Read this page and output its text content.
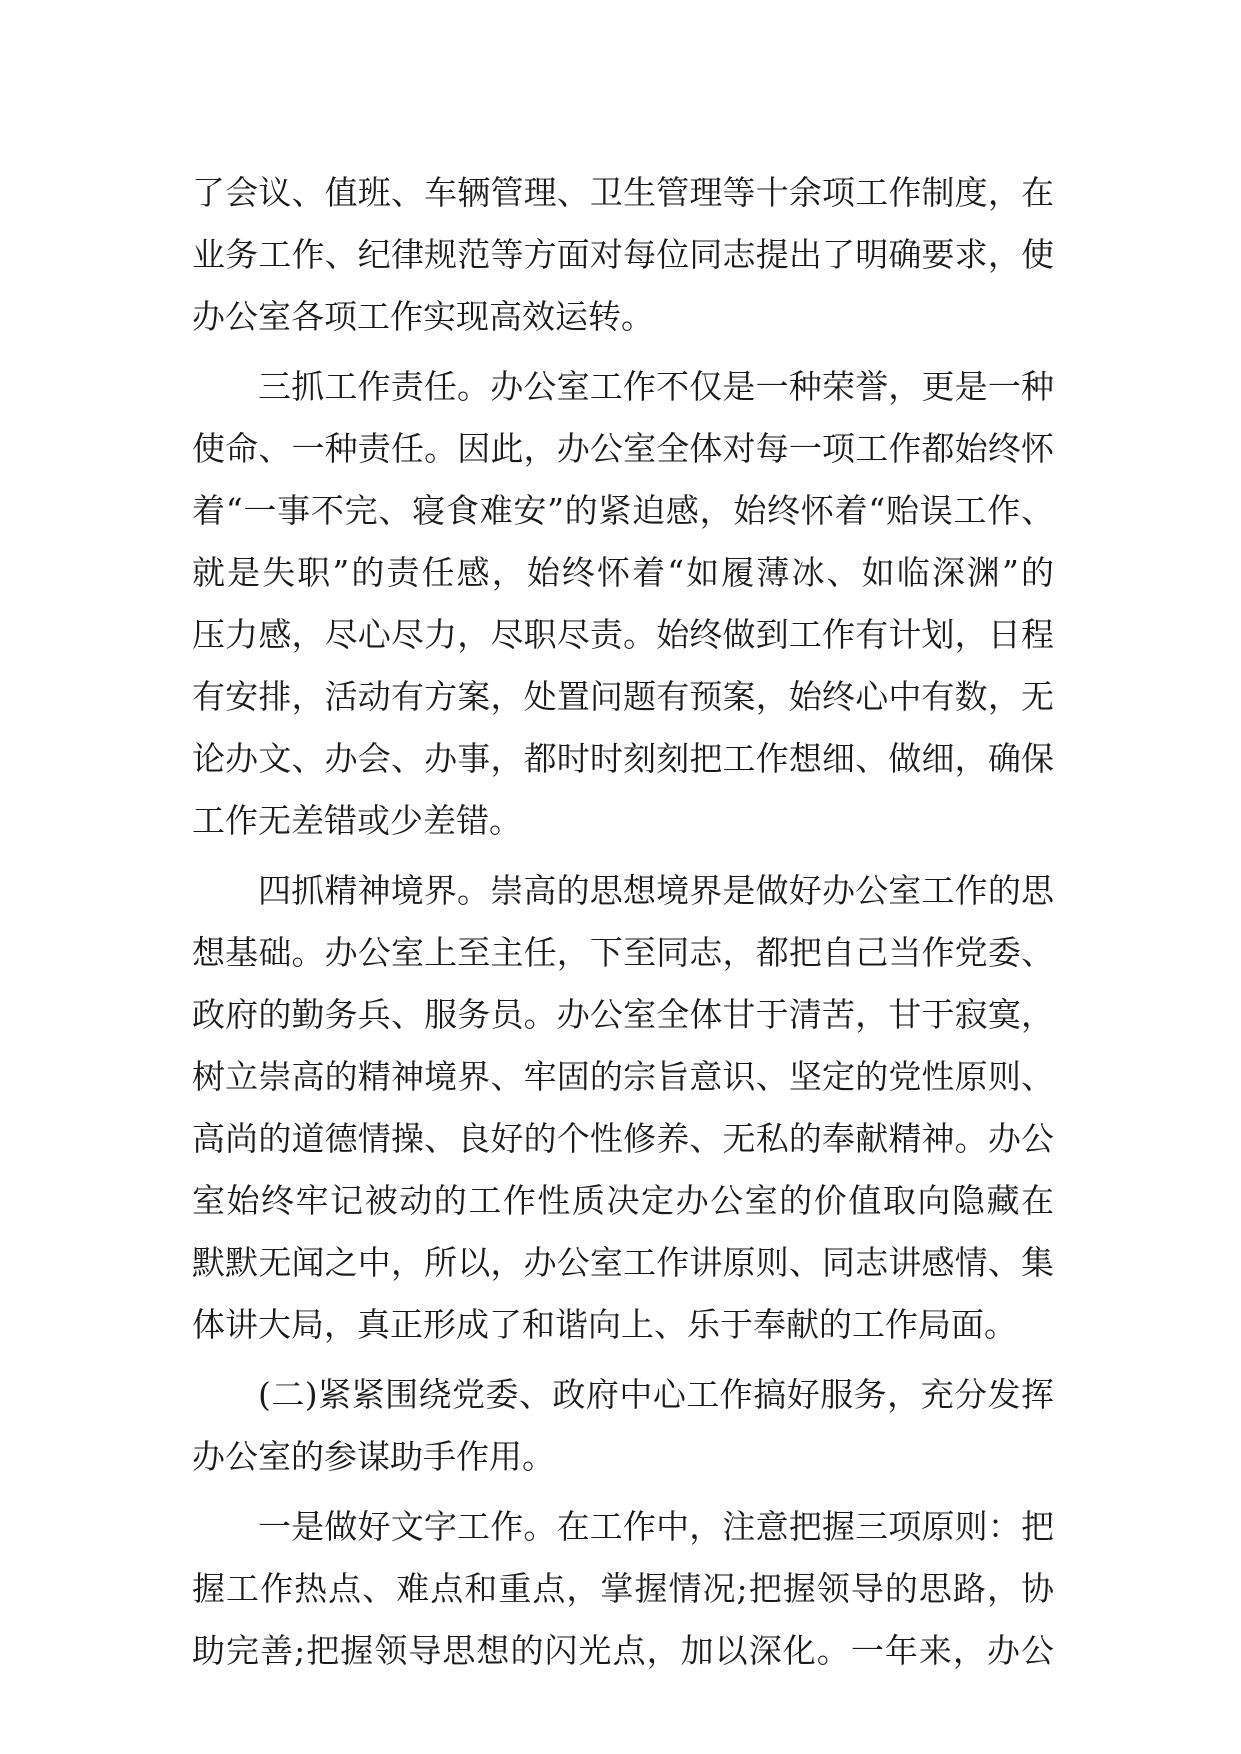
了会议、值班、车辆管理、卫生管理等十余项工作制度，在
业务工作、纪律规范等方面对每位同志提出了明确要求，使
办公室各项工作实现高效运转。
三抓工作责任。办公室工作不仅是一种荣誉，更是一种
使命、一种责任。因此，办公室全体对每一项工作都始终怀
着“一事不完、寝食难安”的紧迫感，始终怀着“贻误工作、
就是失职”的责任感，始终怀着“如履薄冰、如临深渊”的
压力感，尽心尽力，尽职尽责。始终做到工作有计划，日程
有安排，活动有方案，处置问题有预案，始终心中有数，无
论办文、办会、办事，都时时刻刻把工作想细、做细，确保
工作无差错或少差错。
四抓精神境界。崇高的思想境界是做好办公室工作的思
想基础。办公室上至主任，下至同志，都把自己当作党委、
政府的勤务兵、服务员。办公室全体甘于清苦，甘于寂寞，
树立崇高的精神境界、牢固的宗旨意识、坚定的党性原则、
高尚的道德情操、良好的个性修养、无私的奉献精神。办公
室始终牢记被动的工作性质决定办公室的价值取向隐藏在
默默无闻之中，所以，办公室工作讲原则、同志讲感情、集
体讲大局，真正形成了和谐向上、乐于奉献的工作局面。
(二)紧紧围绕党委、政府中心工作搞好服务，充分发挥
办公室的参谋助手作用。
一是做好文字工作。在工作中，注意把握三项原则：把
握工作热点、难点和重点，掌握情况;把握领导的思路，协
助完善;把握领导思想的闪光点，加以深化。一年来，办公
